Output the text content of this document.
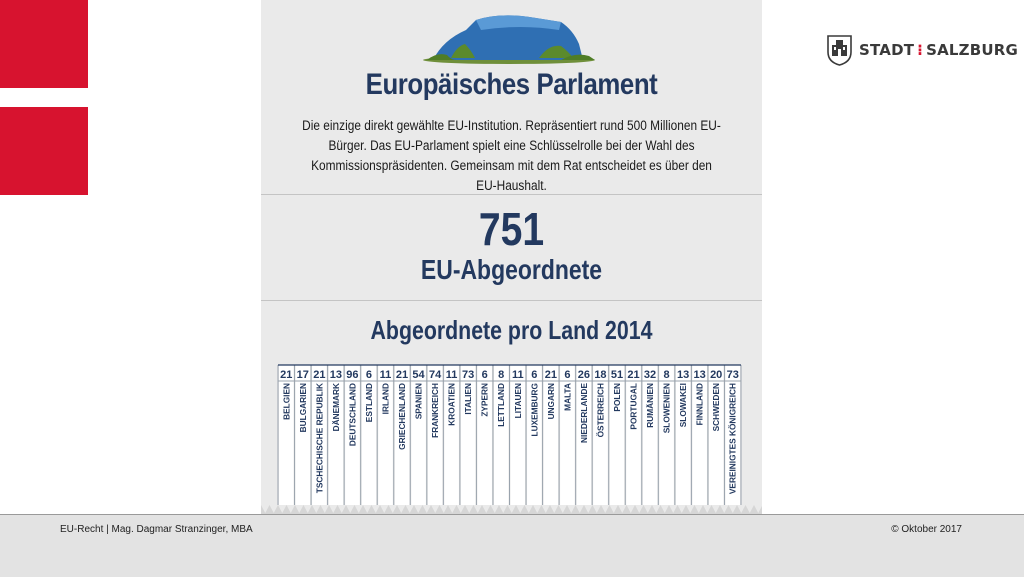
STADT ⁝ SALZBURG
Europäisches Parlament
Die einzige direkt gewählte EU-Institution. Repräsentiert rund 500 Millionen EU-Bürger. Das EU-Parlament spielt eine Schlüsselrolle bei der Wahl des Kommissionspräsidenten. Gemeinsam mit dem Rat entscheidet es über den EU-Haushalt.
751
EU-Abgeordnete
Abgeordnete pro Land 2014
21
BELGIEN
17
BULGARIEN
21
TSCHECHISCHE REPUBLIK
13
DÄNEMARK
96
DEUTSCHLAND
6
ESTLAND
11
IRLAND
21
GRIECHENLAND
54
SPANIEN
74
FRANKREICH
11
KROATIEN
73
ITALIEN
6
ZYPERN
8
LETTLAND
11
LITAUEN
6
LUXEMBURG
21
UNGARN
6
MALTA
26
NIEDERLANDE
18
ÖSTERREICH
51
POLEN
21
PORTUGAL
32
RUMÄNIEN
8
SLOWENIEN
13
SLOWAKEI
13
FINNLAND
20
SCHWEDEN
73
VEREINIGTES KÖNIGREICH
EU-Recht | Mag. Dagmar Stranzinger, MBA	© Oktober 2017
